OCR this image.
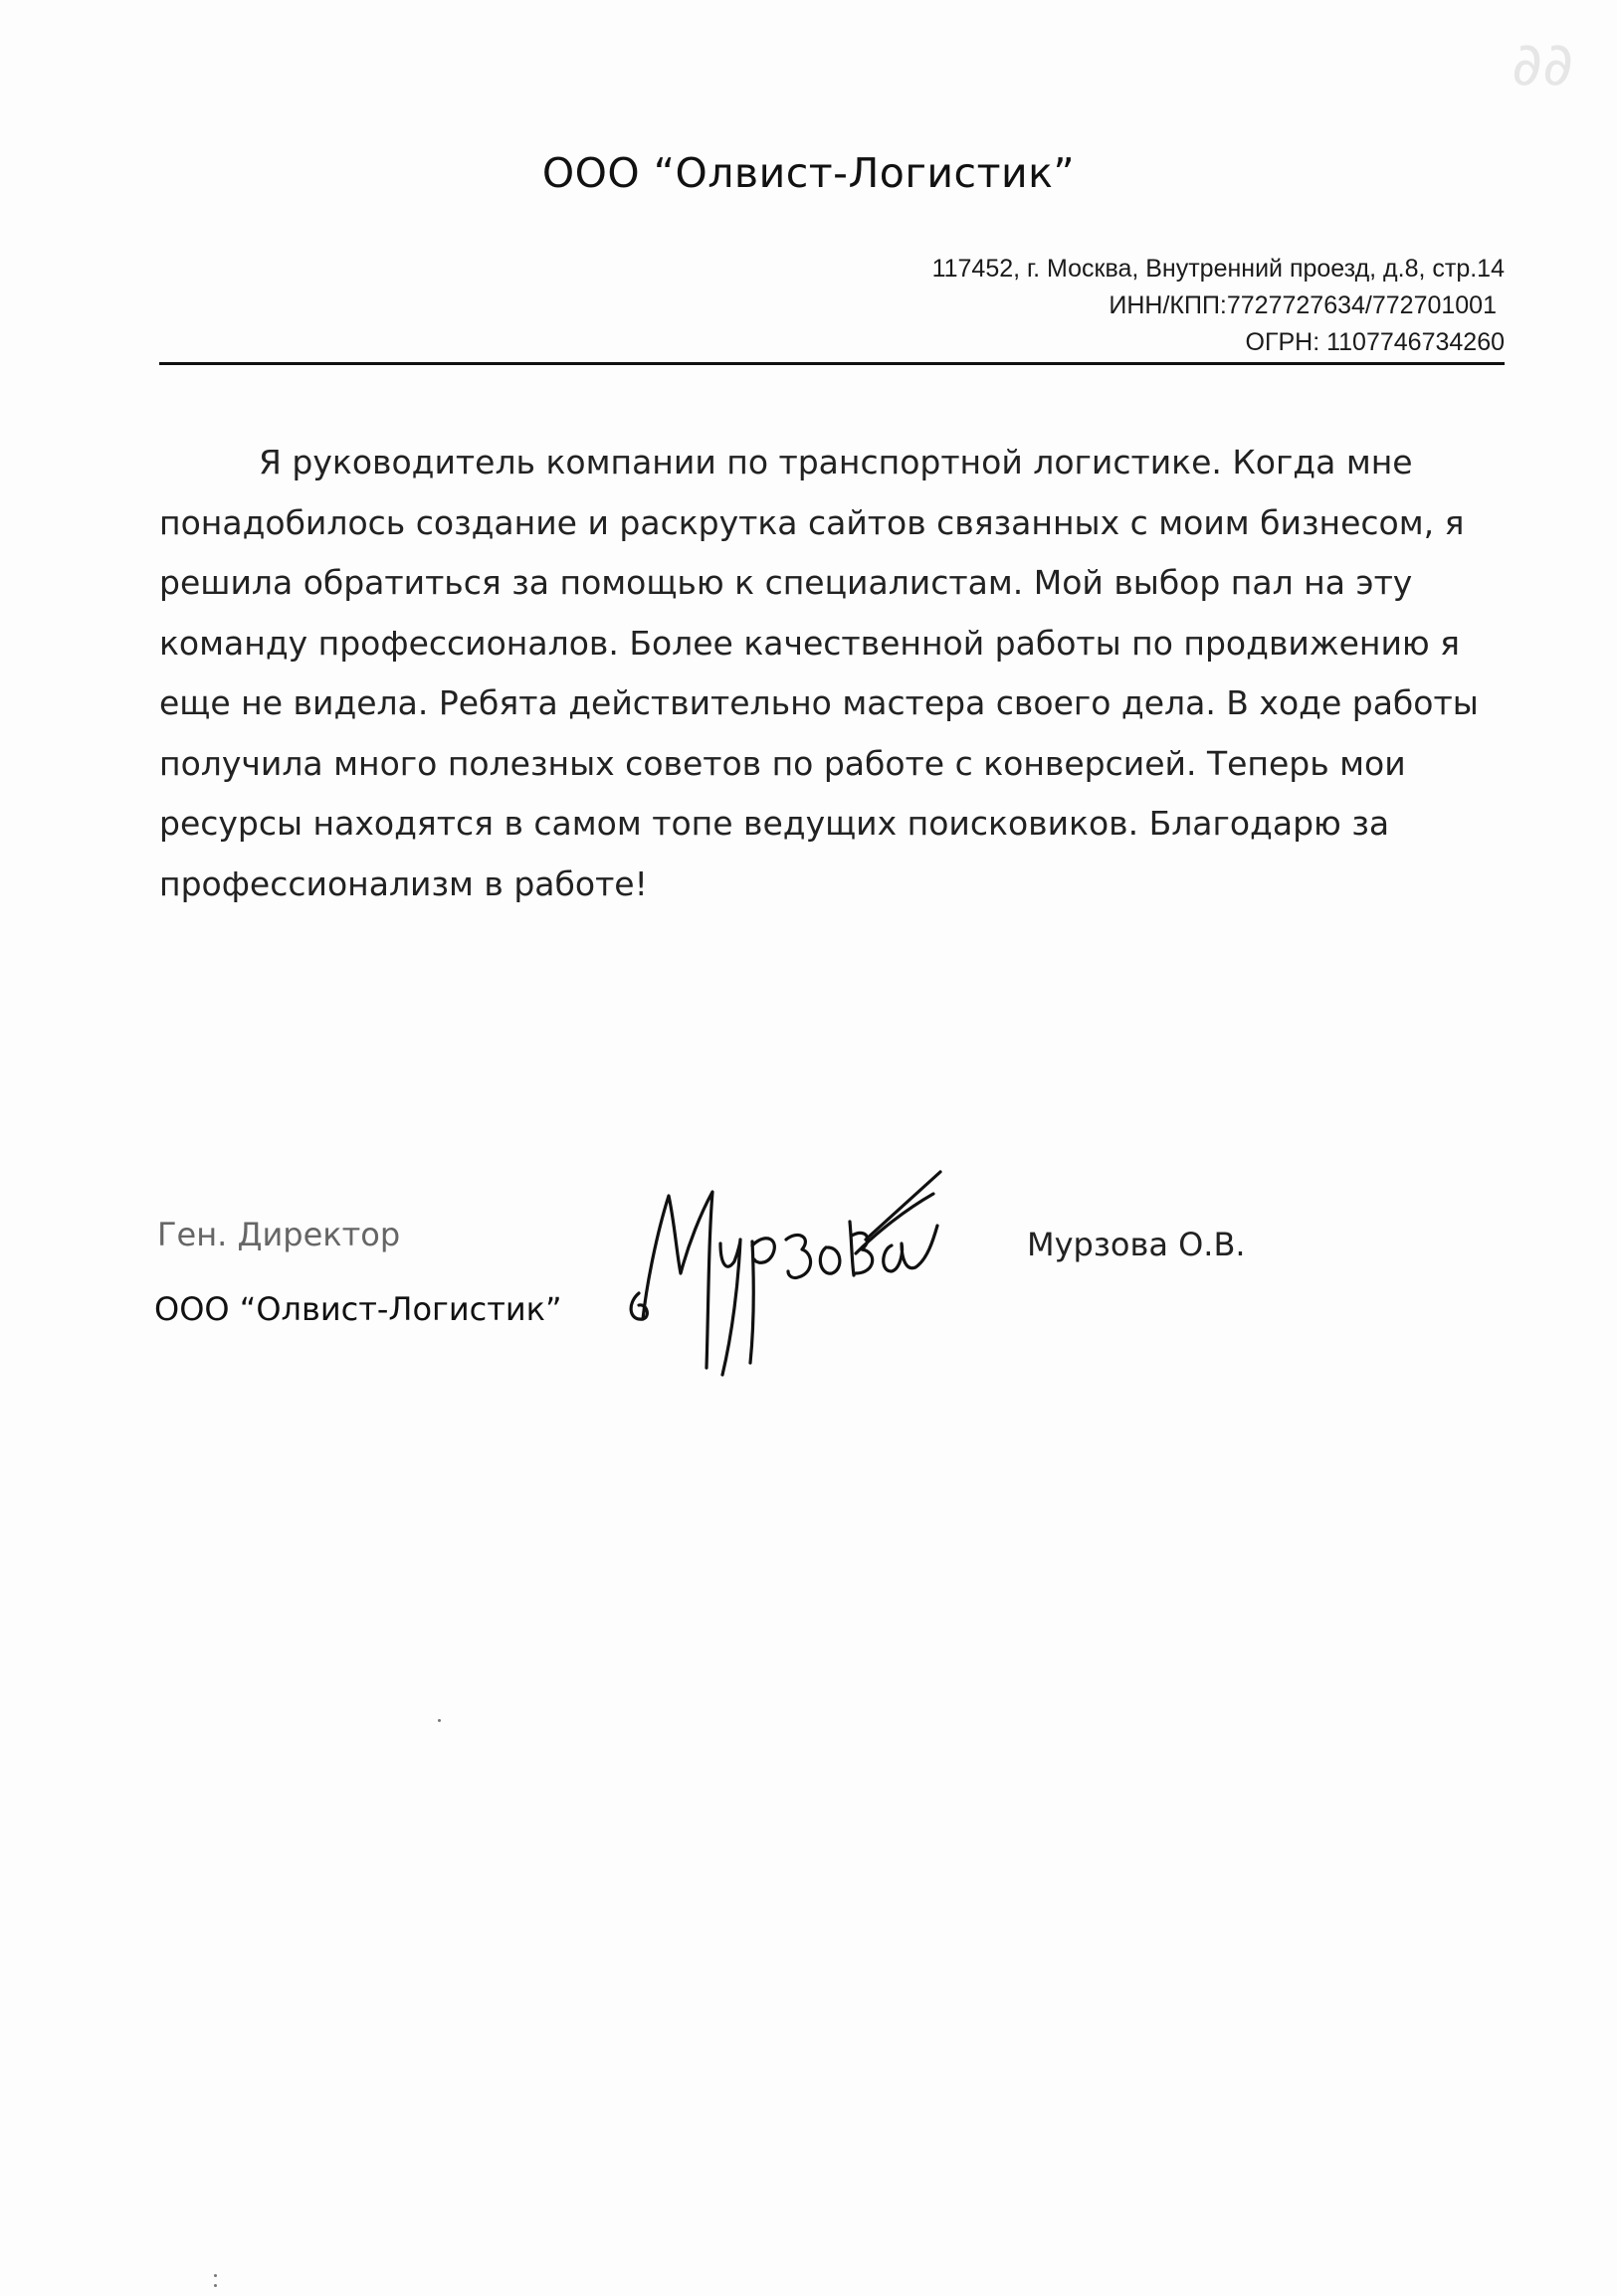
∂∂
ООО “Олвист-Логистик”
117452, г. Москва, Внутренний проезд, д.8, стр.14
ИНН/КПП:7727727634/772701001
ОГРН: 1107746734260
Я руководитель компании по транспортной логистике. Когда мне
понадобилось создание и раскрутка сайтов связанных с моим бизнесом, я
решила обратиться за помощью к специалистам. Мой выбор пал на эту
команду профессионалов. Более качественной работы по продвижению я
еще не видела. Ребята действительно мастера своего дела. В ходе работы
получила много полезных советов по работе с конверсией. Теперь мои
ресурсы находятся в самом топе ведущих поисковиков. Благодарю за
профессионализм в работе!
Ген. Директор
ООО “Олвист-Логистик”
Мурзова О.В.
